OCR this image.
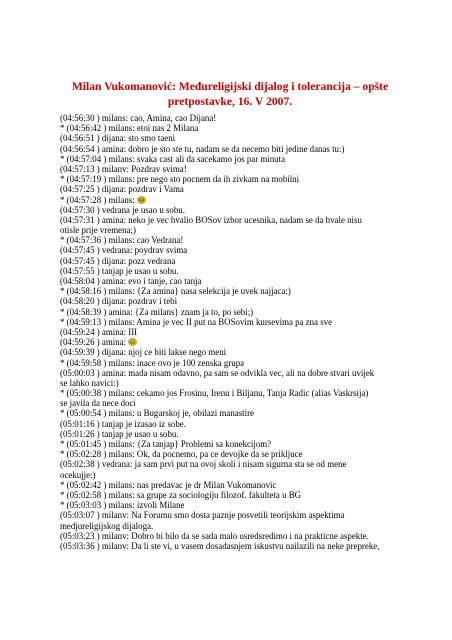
Milan Vukomanović: Međureligijski dijalog i tolerancija – opšte
pretpostavke, 16. V 2007.
(04:56:30 ) milans: cao, Amina, cao Dijana!
* (04:56:42 ) milans: etoi nas 2 Milana
(04:56:51 ) dijana: sto smo taeni
(04:56:54 ) amina: dobro je sto ste tu, nadam se da necemo biti jedine danas tu:)
* (04:57:04 ) milans: svaka cast ali da sacekamo jos par minuta
(04:57:13 ) milanv: Pozdrav svima!
* (04:57:19 ) milans: pre nego sto pocnem da ih zivkam na mobilni
(04:57:25 ) dijana: pozdrav i Vama
* (04:57:28 ) milans:
(04:57:30 ) vedrana je usao u sobu.
(04:57:31 ) amina: neko je vec hvalio BOSov izbor ucesnika, nadam se da hvale nisu
otisle prije vremena;)
* (04:57:36 ) milans: cao Vedrana!
(04:57:45 ) vedrana: poydrav svima
(04:57:45 ) dijana: pozz vedrana
(04:57:55 ) tanjap je usao u sobu.
(04:58:04 ) amina: evo i tanje, cao tanja
* (04:58:16 ) milans: {Za amina} nasa selekcija je uvek najjaca:)
(04:58:20 ) dijana: pozdrav i tebi
* (04:58:39 ) amina: {Za milans} znam ja to, po sebi;)
* (04:59:13 ) milans: Amina je vec II put na BOSovim kursevima pa zna sve
(04:59:24 ) amina: III
(04:59:26 ) amina:
(04:59:39 ) dijana: njoj ce biti lakse nego meni
* (04:59:58 ) milans: inace ovo je 100 zenska grupa
(05:00:03 ) amina: mada nisam odavno, pa sam se odvikla vec, ali na dobre stvari uvijek
se lahko navici:)
* (05:00:38 ) milans: cekamo jos Frosinu, Irenu i Biljanu, Tanja Radic (alias Vaskrsija)
se javila da nece doci
* (05:00:54 ) milans: u Bugarskoj je, obilazi manastire
(05:01:16 ) tanjap je izasao iz sobe.
(05:01:26 ) tanjap je usao u sobu.
* (05:01:45 ) milans: {Za tanjap} Problemi sa konekcijom?
* (05:02:28 ) milans: Ok, da pocnemo, pa ce devojke da se prikljuce
(05:02:38 ) vedrana: ja sam prvi put na ovoj skoli i nisam sigurna sta se od mene
ocekujje:)
* (05:02:42 ) milans: nas predavac je dr Milan Vukomanovic
* (05:02:58 ) milans: sa grupe za sociologiju filozof. fakulteta u BG
* (05:03:03 ) milans: izvoli Milane
(05:03:07 ) milanv: Na Forumu smo dosta paznje posvetili teorijskim aspektima
medjureligijskog dijaloga.
(05:03:23 ) milanv: Dobro bi bilo da se sada malo usredsredimo i na prakticne aspekte.
(05:03:36 ) milanv: Da li ste vi, u vasem dosadasnjem iskustvu nailazili na neke prepreke,
